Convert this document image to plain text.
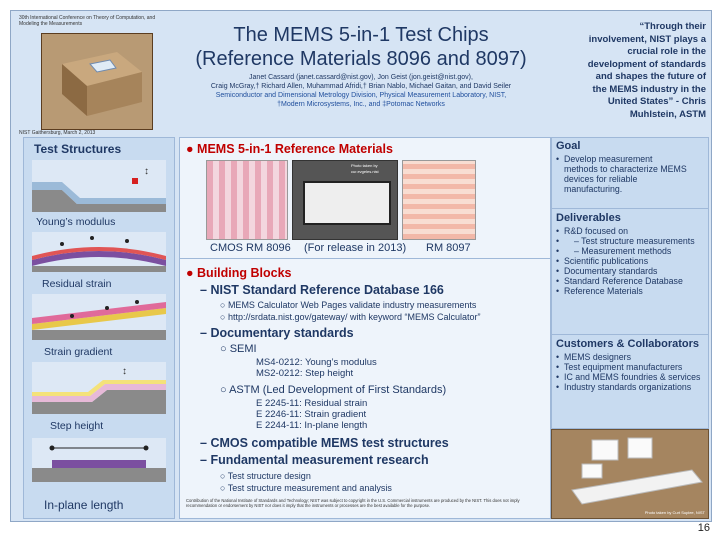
30th International Conference on Theory of Computation, and Modeling the Measurements
NIST Gaithersburg, March 2, 2013
The MEMS 5-in-1 Test Chips
(Reference Materials 8096 and 8097)
Janet Cassard (janet.cassard@nist.gov), Jon Geist (jon.geist@nist.gov),
Craig McGray,† Richard Allen, Muhammad Afridi,† Brian Nablo, Michael Gaitan, and David Seiler
Semiconductor and Dimensional Metrology Division, Physical Measurement Laboratory, NIST,
†Modern Microsystems, Inc., and ‡Potomac Networks
“Through their
involvement, NIST plays a
crucial role in the
development of standards
and shapes the future of
the MEMS industry in the
United States” - Chris
Muhlstein, ASTM
Test Structures
↕
Young’s modulus
Residual strain
Strain gradient
↕
Step height
In-plane length
● MEMS 5-in-1 Reference Materials
Photo taken by cur.evgeles.nist
CMOS RM 8096 (For release in 2013) RM 8097
● Building Blocks
– NIST Standard Reference Database 166
○ MEMS Calculator Web Pages validate industry measurements
○ http://srdata.nist.gov/gateway/ with keyword “MEMS Calculator”
– Documentary standards
○ SEMI
MS4-0212: Young’s modulus
MS2-0212: Step height
○ ASTM (Led Development of First Standards)
E 2245-11: Residual strain
E 2246-11: Strain gradient
E 2244-11: In-plane length
– CMOS compatible MEMS test structures
– Fundamental measurement research
○ Test structure design
○ Test structure measurement and analysis
Contribution of the National Institute of Standards and Technology; NIST was subject to copyright in the U.S. Commercial instruments are produced by the NIST. This does not imply recommendation or endorsement by NIST nor does it imply that the instruments or processes are the best available for the purpose.
Goal
• Develop measurement methods to characterize MEMS devices for reliable manufacturing.
Deliverables
• R&D focused on
• – Test structure measurements
• – Measurement methods
• Scientific publications
• Documentary standards
• Standard Reference Database
• Reference Materials
Customers & Collaborators
• MEMS designers
• Test equipment manufacturers
• IC and MEMS foundries & services
• Industry standards organizations
Photo taken by Curt Suplee, NIST
16
